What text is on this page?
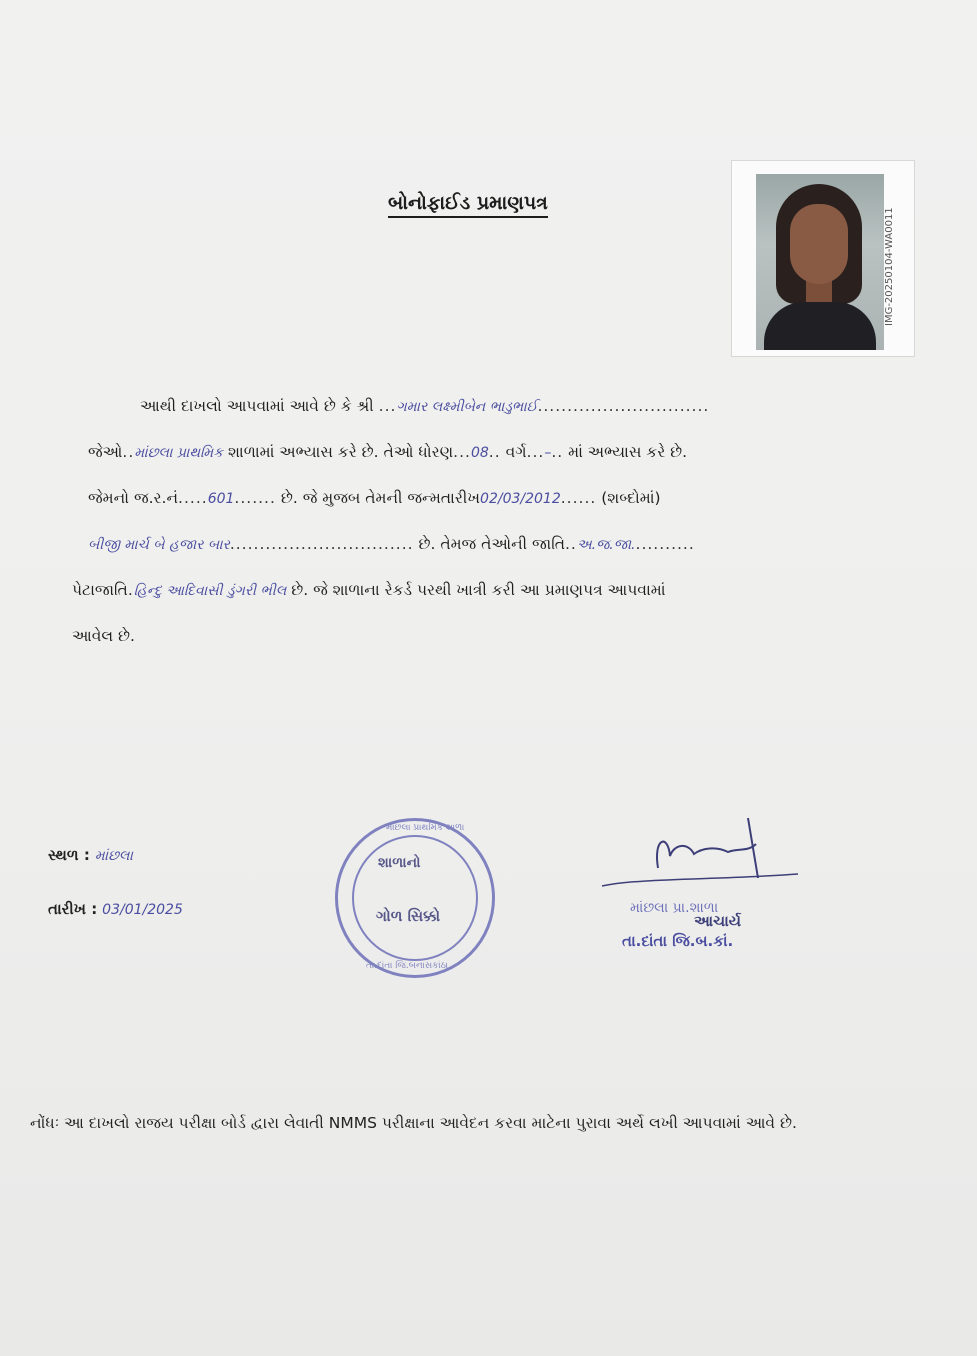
બોનોફાઈડ પ્રમાણપત્ર
IMG-20250104-WA0011
આથી દાખલો આપવામાં આવે છે કે શ્રી ...ગમાર લક્ષ્મીબેન ભાડુભાઈ.............................
જેઓ..માંછલા પ્રાથમિક શાળામાં અભ્યાસ કરે છે. તેઓ ધોરણ...08.. વર્ગ...–.. માં અભ્યાસ કરે છે.
જેમનો જ.ર.નં.....601....... છે. જે મુજબ તેમની જન્મતારીખ02/03/2012...... (શબ્દોમાં)
બીજી માર્ચ બે હજાર બાર............................... છે. તેમજ તેઓની જાતિ..અ.જ.જા...........
પેટાજાતિ.હિન્દુ આદિવાસી ડુંગરી ભીલ છે. જે શાળાના રેકર્ડ પરથી ખાત્રી કરી આ પ્રમાણપત્ર આપવામાં
આવેલ છે.
સ્થળ : માંછલા
તારીખ : 03/01/2025
માંછલા પ્રાથમિક શાળા
તા.દાંતા જિ.બનાસકાંઠા
શાળાનો
ગોળ સિક્કો	માંછલા પ્રા.શાળા
આચાર્ય
તા.દાંતા જિ.બ.કાં.
નોંધઃ આ દાખલો રાજય પરીક્ષા બોર્ડ દ્વારા લેવાતી NMMS પરીક્ષાના આવેદન કરવા માટેના પુરાવા અર્થે લખી આપવામાં આવે છે.
